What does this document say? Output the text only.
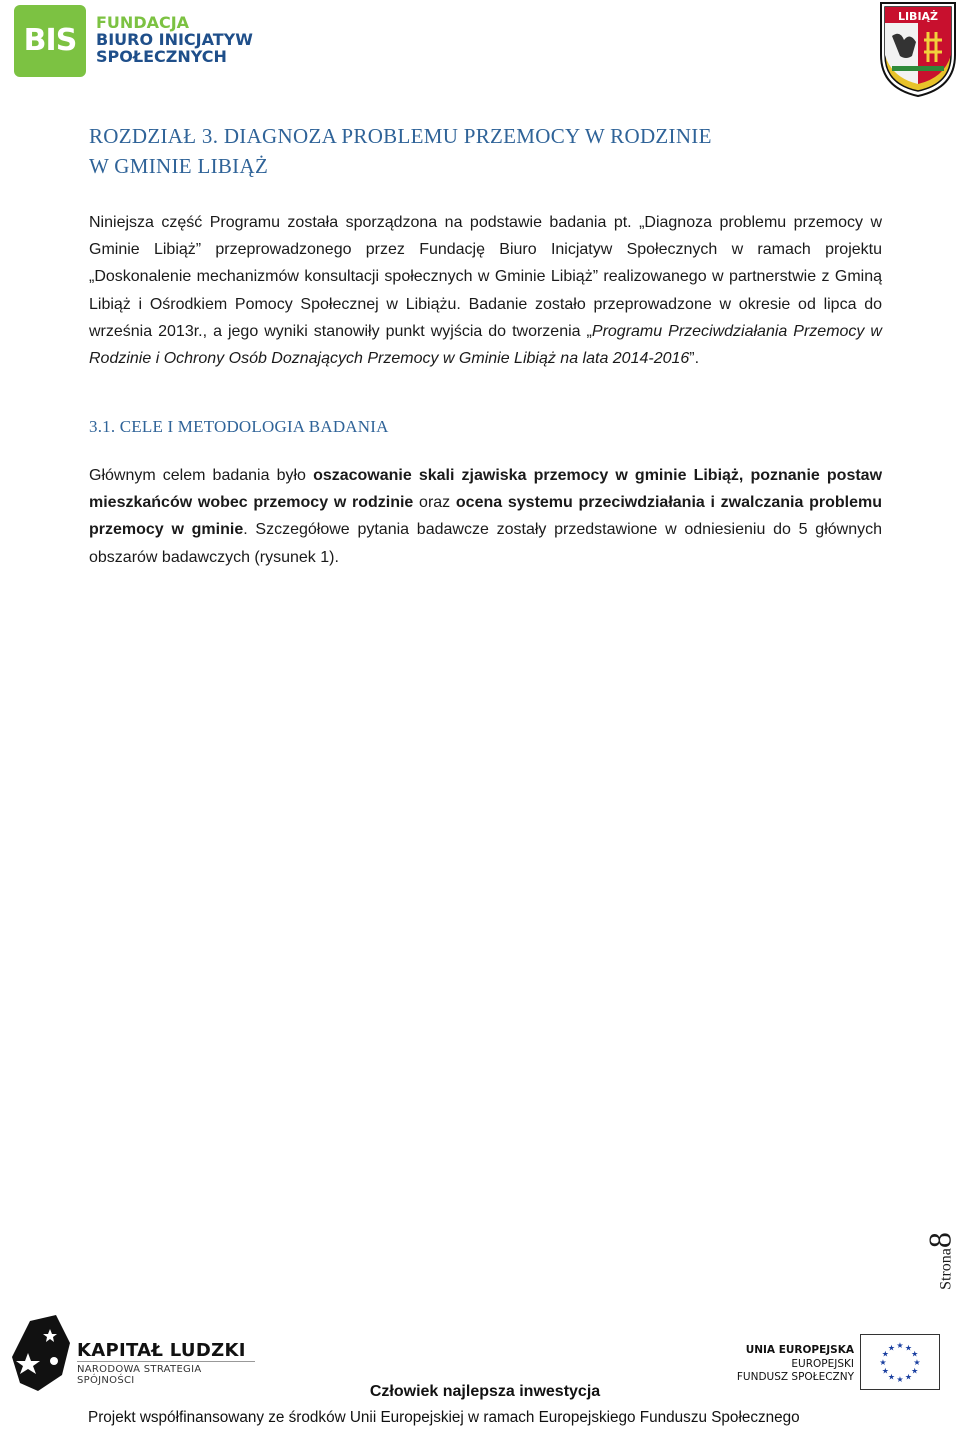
BIS
FUNDACJA
BIURO INICJATYW
SPOŁECZNYCH
LIBIĄŻ
ROZDZIAŁ 3. DIAGNOZA PROBLEMU PRZEMOCY W RODZINIE
W GMINIE LIBIĄŻ
Niniejsza część Programu została sporządzona na podstawie badania pt. „Diagnoza problemu przemocy w Gminie Libiąż” przeprowadzonego przez Fundację Biuro Inicjatyw Społecznych w ramach projektu „Doskonalenie mechanizmów konsultacji społecznych w Gminie Libiąż” realizowanego w partnerstwie z Gminą Libiąż i Ośrodkiem Pomocy Społecznej w Libiążu. Badanie zostało przeprowadzone w okresie od lipca do września 2013r., a jego wyniki stanowiły punkt wyjścia do tworzenia „Programu Przeciwdziałania Przemocy w Rodzinie i Ochrony Osób Doznających Przemocy w Gminie Libiąż na lata 2014-2016”.
3.1. CELE I METODOLOGIA BADANIA
Głównym celem badania było oszacowanie skali zjawiska przemocy w gminie Libiąż, poznanie postaw mieszkańców wobec przemocy w rodzinie oraz ocena systemu przeciwdziałania i zwalczania problemu przemocy w gminie. Szczegółowe pytania badawcze zostały przedstawione w odniesieniu do 5 głównych obszarów badawczych (rysunek 1).
Strona8
KAPITAŁ LUDZKI
NARODOWA STRATEGIA SPÓJNOŚCI
UNIA EUROPEJSKA
EUROPEJSKI
FUNDUSZ SPOŁECZNY
★ ★
★
★
★
★
★
★
★
★
★
★
Człowiek najlepsza inwestycja
Projekt współfinansowany ze środków Unii Europejskiej w ramach Europejskiego Funduszu Społecznego
